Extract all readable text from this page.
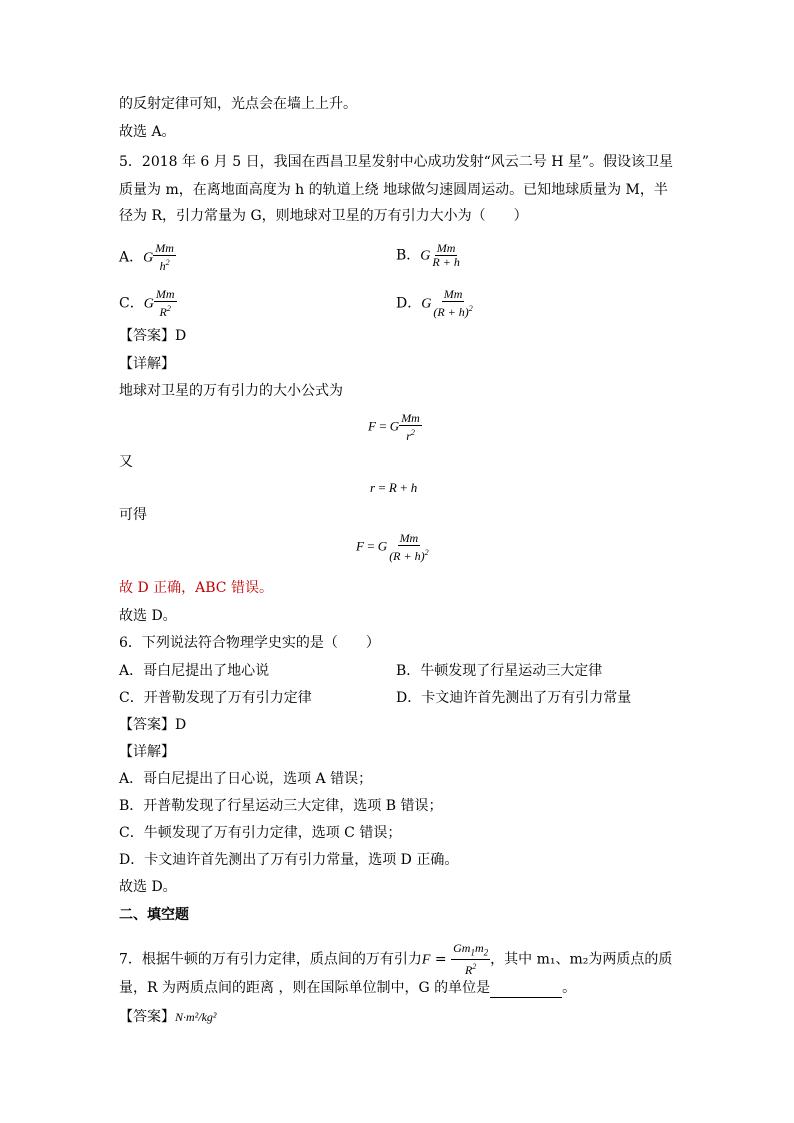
的反射定律可知，光点会在墙上上升。
故选 A。
5．2018 年 6 月 5 日，我国在西昌卫星发射中心成功发射“风云二号 H 星”。假设该卫星
质量为 m，在离地面高度为 h 的轨道上绕 地球做匀速圆周运动。已知地球质量为 M，半
径为 R，引力常量为 G，则地球对卫星的万有引力大小为（　　）
A．G $\frac{Mm}{h^2}$	B．G $\frac{Mm}{R + h}$
C．G $\frac{Mm}{R^2}$	D．G $\frac{Mm}{(R + h)^2}$
【答案】D
【详解】
地球对卫星的万有引力的大小公式为
F = G $\frac{Mm}{r^2}$
又
r = R + h
可得
F = G $\frac{Mm}{(R + h)^2}$
故 D 正确，ABC 错误。
故选 D。
6．下列说法符合物理学史实的是（　　）
A．哥白尼提出了地心说	B．牛顿发现了行星运动三大定律
C．开普勒发现了万有引力定律	D．卡文迪许首先测出了万有引力常量
【答案】D
【详解】
A．哥白尼提出了日心说，选项 A 错误；
B．开普勒发现了行星运动三大定律，选项 B 错误；
C．牛顿发现了万有引力定律，选项 C 错误；
D．卡文迪许首先测出了万有引力常量，选项 D 正确。
故选 D。
二、填空题
7．根据牛顿的万有引力定律，质点间的万有引力$F = \frac{Gm_1m_2}{R^2}$ ，其中 m₁、m₂为两质点的质
量，R 为两质点间的距离 ，则在国际单位制中，G 的单位是	。
【答案】N·m²/kg²
